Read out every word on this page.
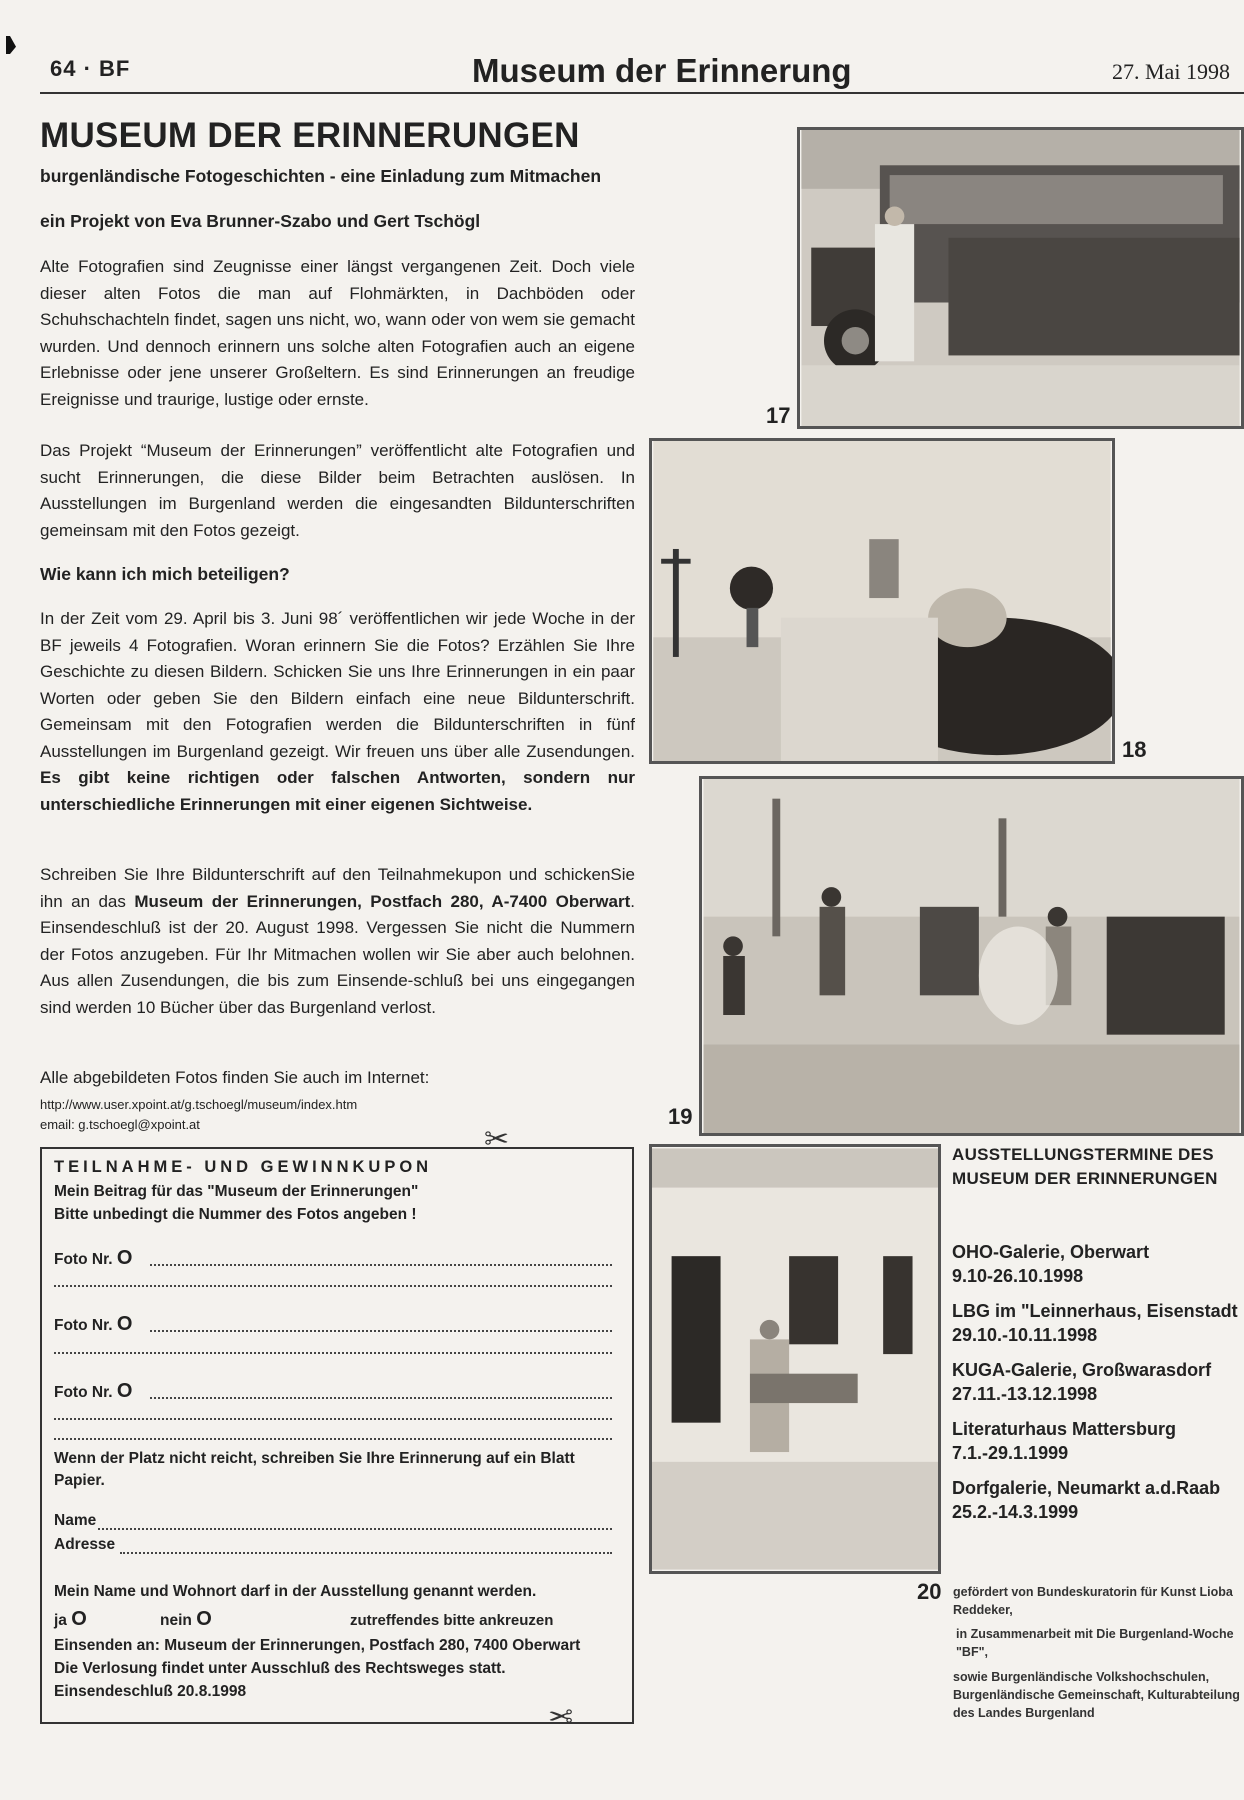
64 · BF	Museum der Erinnerung	27. Mai 1998
MUSEUM DER ERINNERUNGEN
burgenländische Fotogeschichten - eine Einladung zum Mitmachen
ein Projekt von Eva Brunner-Szabo und Gert Tschögl
Alte Fotografien sind Zeugnisse einer längst vergangenen Zeit. Doch viele dieser alten Fotos die man auf Flohmärkten, in Dachböden oder Schuhschachteln findet, sagen uns nicht, wo, wann oder von wem sie gemacht wurden. Und dennoch erinnern uns solche alten Fotografien auch an eigene Erlebnisse oder jene unserer Großeltern. Es sind Erinnerungen an freudige Ereignisse und traurige, lustige oder ernste.
Das Projekt “Museum der Erinnerungen” veröffentlicht alte Fotografien und sucht Erinnerungen, die diese Bilder beim Betrachten auslösen. In Ausstellungen im Burgenland werden die eingesandten Bildunterschriften gemeinsam mit den Fotos gezeigt.
Wie kann ich mich beteiligen?
In der Zeit vom 29. April bis 3. Juni 98´ veröffentlichen wir jede Woche in der BF jeweils 4 Fotografien. Woran erinnern Sie die Fotos? Erzählen Sie Ihre Geschichte zu diesen Bildern. Schicken Sie uns Ihre Erinnerungen in ein paar Worten oder geben Sie den Bildern einfach eine neue Bildunterschrift. Gemeinsam mit den Fotografien werden die Bildunterschriften in fünf Ausstellungen im Burgenland gezeigt. Wir freuen uns über alle Zusendungen. Es gibt keine richtigen oder falschen Antworten, sondern nur unterschiedliche Erinnerungen mit einer eigenen Sichtweise.
Schreiben Sie Ihre Bildunterschrift auf den Teilnahmekupon und schickenSie ihn an das Museum der Erinnerungen, Postfach 280, A-7400 Oberwart. Einsendeschluß ist der 20. August 1998. Vergessen Sie nicht die Nummern der Fotos anzugeben. Für Ihr Mitmachen wollen wir Sie aber auch belohnen. Aus allen Zusendungen, die bis zum Einsende-schluß bei uns eingegangen sind werden 10 Bücher über das Burgenland verlost.
Alle abgebildeten Fotos finden Sie auch im Internet:
http://www.user.xpoint.at/g.tschoegl/museum/index.htm
email: g.tschoegl@xpoint.at	✂
TEILNAHME- UND GEWINNKUPON
Mein Beitrag für das "Museum der Erinnerungen"
Bitte unbedingt die Nummer des Fotos angeben !
Foto Nr. O
Foto Nr. O
Foto Nr. O
Wenn der Platz nicht reicht, schreiben Sie Ihre Erinnerung auf ein Blatt Papier.
Name
Adresse
Mein Name und Wohnort darf in der Ausstellung genannt werden.
ja O	nein O	zutreffendes bitte ankreuzen
Einsenden an: Museum der Erinnerungen, Postfach 280, 7400 Oberwart
Die Verlosung findet unter Ausschluß des Rechtsweges statt.
Einsendeschluß 20.8.1998
✂
17
18
19
20
AUSSTELLUNGSTERMINE DES
MUSEUM DER ERINNERUNGEN
OHO-Galerie, Oberwart
9.10-26.10.1998
LBG im "Leinnerhaus, Eisenstadt
29.10.-10.11.1998
KUGA-Galerie, Großwarasdorf
27.11.-13.12.1998
Literaturhaus Mattersburg
7.1.-29.1.1999
Dorfgalerie, Neumarkt a.d.Raab
25.2.-14.3.1999
gefördert von Bundeskuratorin für Kunst Lioba
Reddeker,
in Zusammenarbeit mit Die Burgenland-Woche
"BF",
sowie Burgenländische Volkshochschulen,
Burgenländische Gemeinschaft, Kulturabteilung
des Landes Burgenland
